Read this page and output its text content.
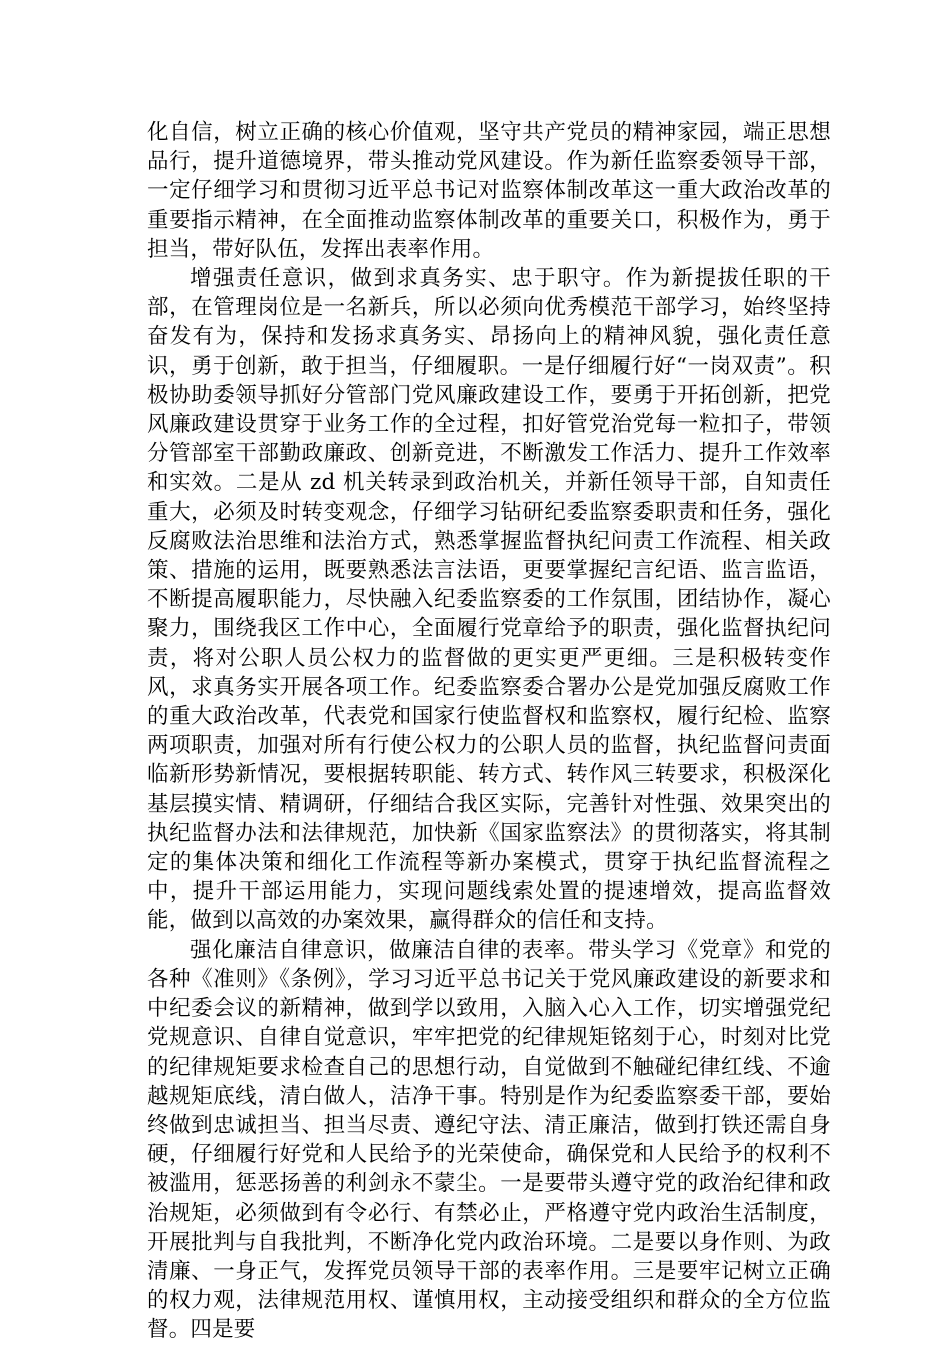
化自信，树立正确的核心价值观，坚守共产党员的精神家园，端正思想品行，提升道德境界，带头推动党风建设。作为新任监察委领导干部，一定仔细学习和贯彻习近平总书记对监察体制改革这一重大政治改革的重要指示精神，在全面推动监察体制改革的重要关口，积极作为，勇于担当，带好队伍，发挥出表率作用。

增强责任意识，做到求真务实、忠于职守。作为新提拔任职的干部，在管理岗位是一名新兵，所以必须向优秀模范干部学习，始终坚持奋发有为，保持和发扬求真务实、昂扬向上的精神风貌，强化责任意识，勇于创新，敢于担当，仔细履职。一是仔细履行好“一岗双责”。积极协助委领导抓好分管部门党风廉政建设工作，要勇于开拓创新，把党风廉政建设贯穿于业务工作的全过程，扣好管党治党每一粒扣子，带领分管部室干部勤政廉政、创新竞进，不断激发工作活力、提升工作效率和实效。二是从 zd 机关转录到政治机关，并新任领导干部，自知责任重大，必须及时转变观念，仔细学习钻研纪委监察委职责和任务，强化反腐败法治思维和法治方式，熟悉掌握监督执纪问责工作流程、相关政策、措施的运用，既要熟悉法言法语，更要掌握纪言纪语、监言监语，不断提高履职能力，尽快融入纪委监察委的工作氛围，团结协作，凝心聚力，围绕我区工作中心，全面履行党章给予的职责，强化监督执纪问责，将对公职人员公权力的监督做的更实更严更细。三是积极转变作风，求真务实开展各项工作。纪委监察委合署办公是党加强反腐败工作的重大政治改革，代表党和国家行使监督权和监察权，履行纪检、监察两项职责，加强对所有行使公权力的公职人员的监督，执纪监督问责面临新形势新情况，要根据转职能、转方式、转作风三转要求，积极深化基层摸实情、精调研，仔细结合我区实际，完善针对性强、效果突出的执纪监督办法和法律规范，加快新《国家监察法》的贯彻落实，将其制定的集体决策和细化工作流程等新办案模式，贯穿于执纪监督流程之中，提升干部运用能力，实现问题线索处置的提速增效，提高监督效能，做到以高效的办案效果，赢得群众的信任和支持。

强化廉洁自律意识，做廉洁自律的表率。带头学习《党章》和党的各种《准则》《条例》，学习习近平总书记关于党风廉政建设的新要求和中纪委会议的新精神，做到学以致用，入脑入心入工作，切实增强党纪党规意识、自律自觉意识，牢牢把党的纪律规矩铭刻于心，时刻对比党的纪律规矩要求检查自己的思想行动，自觉做到不触碰纪律红线、不逾越规矩底线，清白做人，洁净干事。特别是作为纪委监察委干部，要始终做到忠诚担当、担当尽责、遵纪守法、清正廉洁，做到打铁还需自身硬，仔细履行好党和人民给予的光荣使命，确保党和人民给予的权利不被滥用，惩恶扬善的利剑永不蒙尘。一是要带头遵守党的政治纪律和政治规矩，必须做到有令必行、有禁必止，严格遵守党内政治生活制度，开展批判与自我批判，不断净化党内政治环境。二是要以身作则、为政清廉、一身正气，发挥党员领导干部的表率作用。三是要牢记树立正确的权力观，法律规范用权、谨慎用权，主动接受组织和群众的全方位监督。四是要
